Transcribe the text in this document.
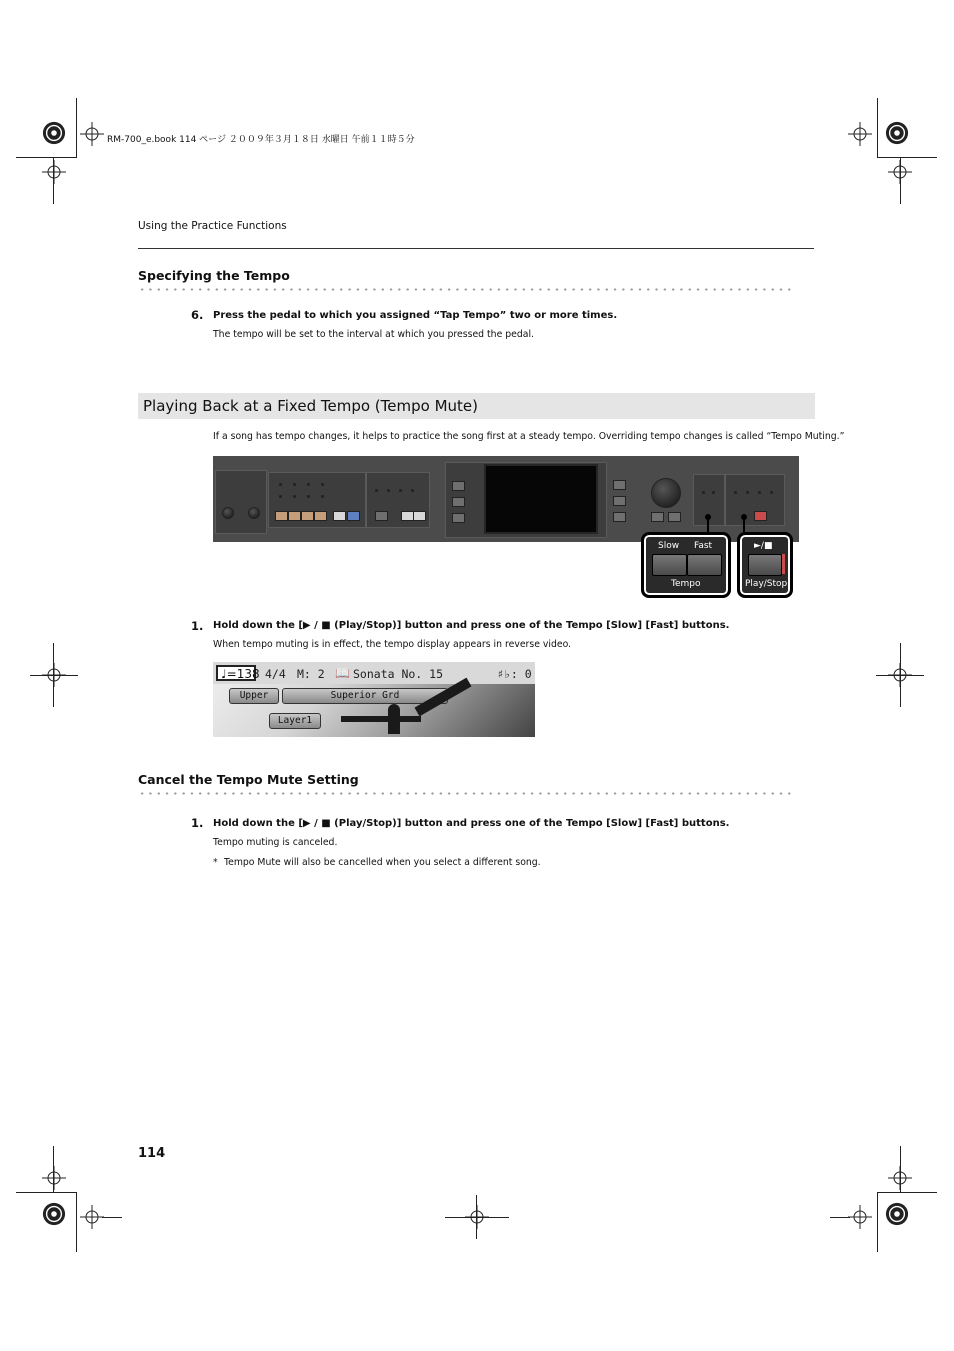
RM-700_e.book 114 ページ ２００９年３月１８日 水曜日 午前１１時５分
Using the Practice Functions
Specifying the Tempo
6. Press the pedal to which you assigned “Tap Tempo” two or more times.
The tempo will be set to the interval at which you pressed the pedal.
Playing Back at a Fixed Tempo (Tempo Mute)
If a song has tempo changes, it helps to practice the song first at a steady tempo. Overriding tempo changes is called “Tempo Muting.”
Slow Fast
Tempo
►/■
Play/Stop
1. Hold down the [▶ / ■ (Play/Stop)] button and press one of the Tempo [Slow] [Fast] buttons.
When tempo muting is in effect, the tempo display appears in reverse video.
♩=138 4/4 M: 2 📖 Sonata No. 15	♯♭: 0
Upper	Superior Grd
Layer1
Cancel the Tempo Mute Setting
1. Hold down the [▶ / ■ (Play/Stop)] button and press one of the Tempo [Slow] [Fast] buttons.
Tempo muting is canceled.
* Tempo Mute will also be cancelled when you select a different song.
114
